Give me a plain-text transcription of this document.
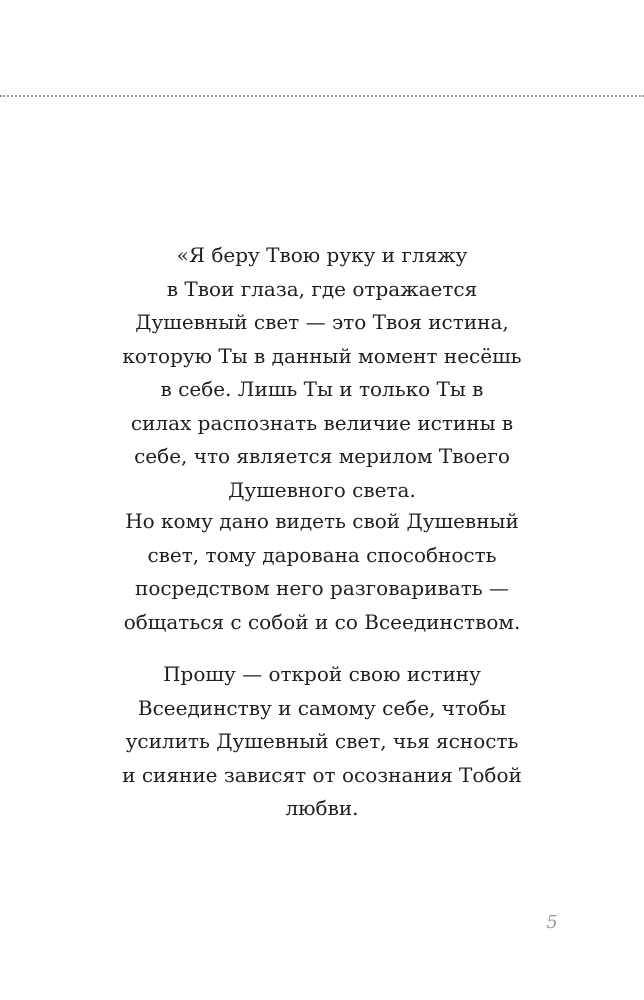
«Я беру Твою руку и гляжу
в Твои глаза, где отражается
Душевный свет — это Твоя истина,
которую Ты в данный момент несёшь
в себе. Лишь Ты и только Ты в
силах распознать величие истины в
себе, что является мерилом Твоего
Душевного света.
Но кому дано видеть свой Душевный
свет, тому дарована способность
посредством него разговаривать —
общаться с собой и со Всеединством.
Прошу — открой свою истину
Всеединству и самому себе, чтобы
усилить Душевный свет, чья ясность
и сияние зависят от осознания Тобой
любви.
5
